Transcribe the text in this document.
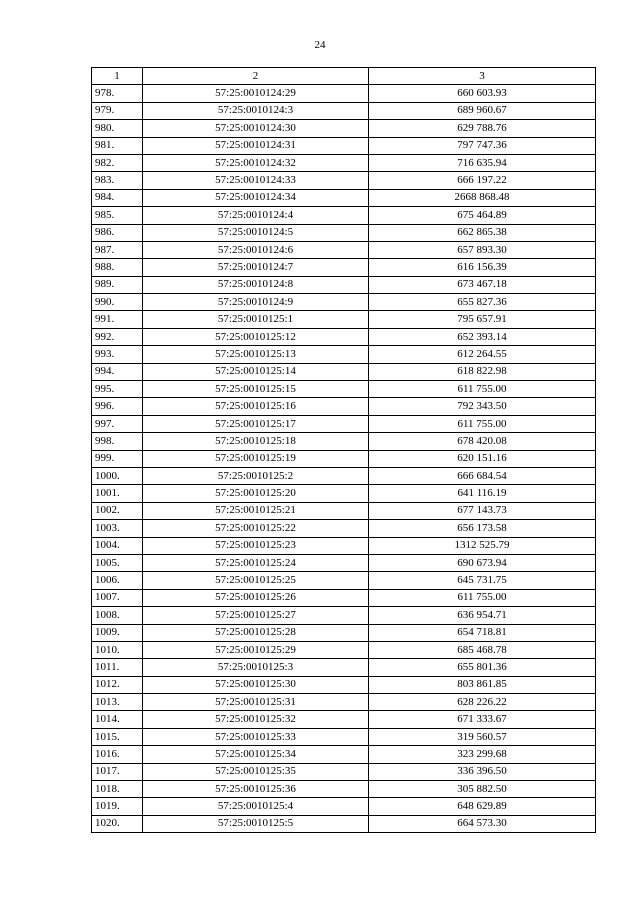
24
1	2	3
978.	57:25:0010124:29	660 603.93
979.	57:25:0010124:3	689 960.67
980.	57:25:0010124:30	629 788.76
981.	57:25:0010124:31	797 747.36
982.	57:25:0010124:32	716 635.94
983.	57:25:0010124:33	666 197.22
984.	57:25:0010124:34	2668 868.48
985.	57:25:0010124:4	675 464.89
986.	57:25:0010124:5	662 865.38
987.	57:25:0010124:6	657 893.30
988.	57:25:0010124:7	616 156.39
989.	57:25:0010124:8	673 467.18
990.	57:25:0010124:9	655 827.36
991.	57:25:0010125:1	795 657.91
992.	57:25:0010125:12	652 393.14
993.	57:25:0010125:13	612 264.55
994.	57:25:0010125:14	618 822.98
995.	57:25:0010125:15	611 755.00
996.	57:25:0010125:16	792 343.50
997.	57:25:0010125:17	611 755.00
998.	57:25:0010125:18	678 420.08
999.	57:25:0010125:19	620 151.16
1000.	57:25:0010125:2	666 684.54
1001.	57:25:0010125:20	641 116.19
1002.	57:25:0010125:21	677 143.73
1003.	57:25:0010125:22	656 173.58
1004.	57:25:0010125:23	1312 525.79
1005.	57:25:0010125:24	690 673.94
1006.	57:25:0010125:25	645 731.75
1007.	57:25:0010125:26	611 755.00
1008.	57:25:0010125:27	636 954.71
1009.	57:25:0010125:28	654 718.81
1010.	57:25:0010125:29	685 468.78
1011.	57:25:0010125:3	655 801.36
1012.	57:25:0010125:30	803 861.85
1013.	57:25:0010125:31	628 226.22
1014.	57:25:0010125:32	671 333.67
1015.	57:25:0010125:33	319 560.57
1016.	57:25:0010125:34	323 299.68
1017.	57:25:0010125:35	336 396.50
1018.	57:25:0010125:36	305 882.50
1019.	57:25:0010125:4	648 629.89
1020.	57:25:0010125:5	664 573.30
